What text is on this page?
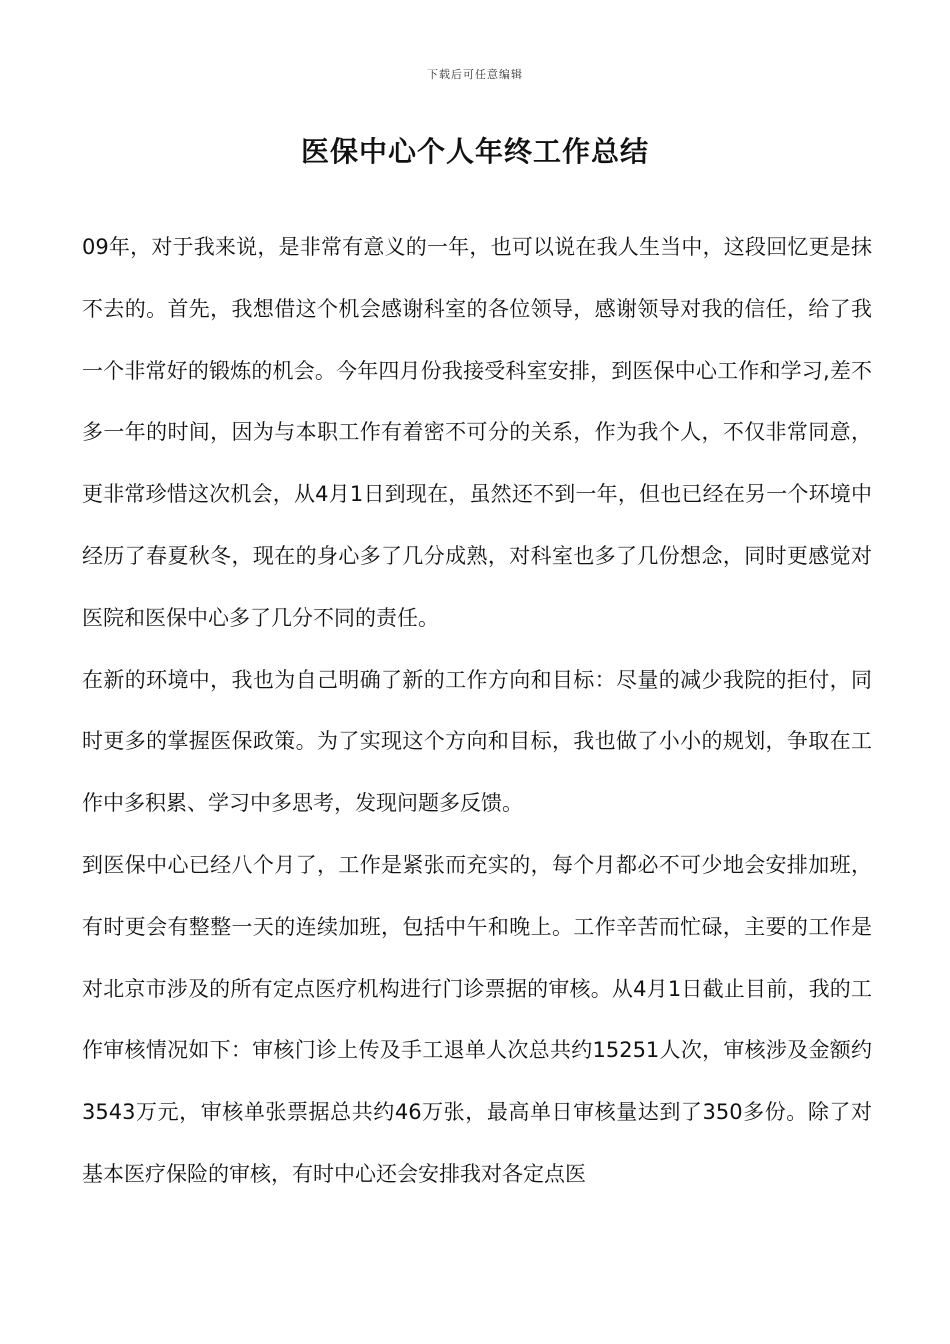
下载后可任意编辑
医保中心个人年终工作总结

09年，对于我来说，是非常有意义的一年，也可以说在我人生当中，这段回忆更是抹不去的。首先，我想借这个机会感谢科室的各位领导，感谢领导对我的信任，给了我一个非常好的锻炼的机会。今年四月份我接受科室安排，到医保中心工作和学习,差不多一年的时间，因为与本职工作有着密不可分的关系，作为我个人，不仅非常同意，更非常珍惜这次机会，从4月1日到现在，虽然还不到一年，但也已经在另一个环境中经历了春夏秋冬，现在的身心多了几分成熟，对科室也多了几份想念，同时更感觉对医院和医保中心多了几分不同的责任。

在新的环境中，我也为自己明确了新的工作方向和目标：尽量的减少我院的拒付，同时更多的掌握医保政策。为了实现这个方向和目标，我也做了小小的规划，争取在工作中多积累、学习中多思考，发现问题多反馈。

到医保中心已经八个月了，工作是紧张而充实的，每个月都必不可少地会安排加班，有时更会有整整一天的连续加班，包括中午和晚上。工作辛苦而忙碌，主要的工作是对北京市涉及的所有定点医疗机构进行门诊票据的审核。从4月1日截止目前，我的工作审核情况如下：审核门诊上传及手工退单人次总共约15251人次，审核涉及金额约3543万元，审核单张票据总共约46万张，最高单日审核量达到了350多份。除了对基本医疗保险的审核，有时中心还会安排我对各定点医
